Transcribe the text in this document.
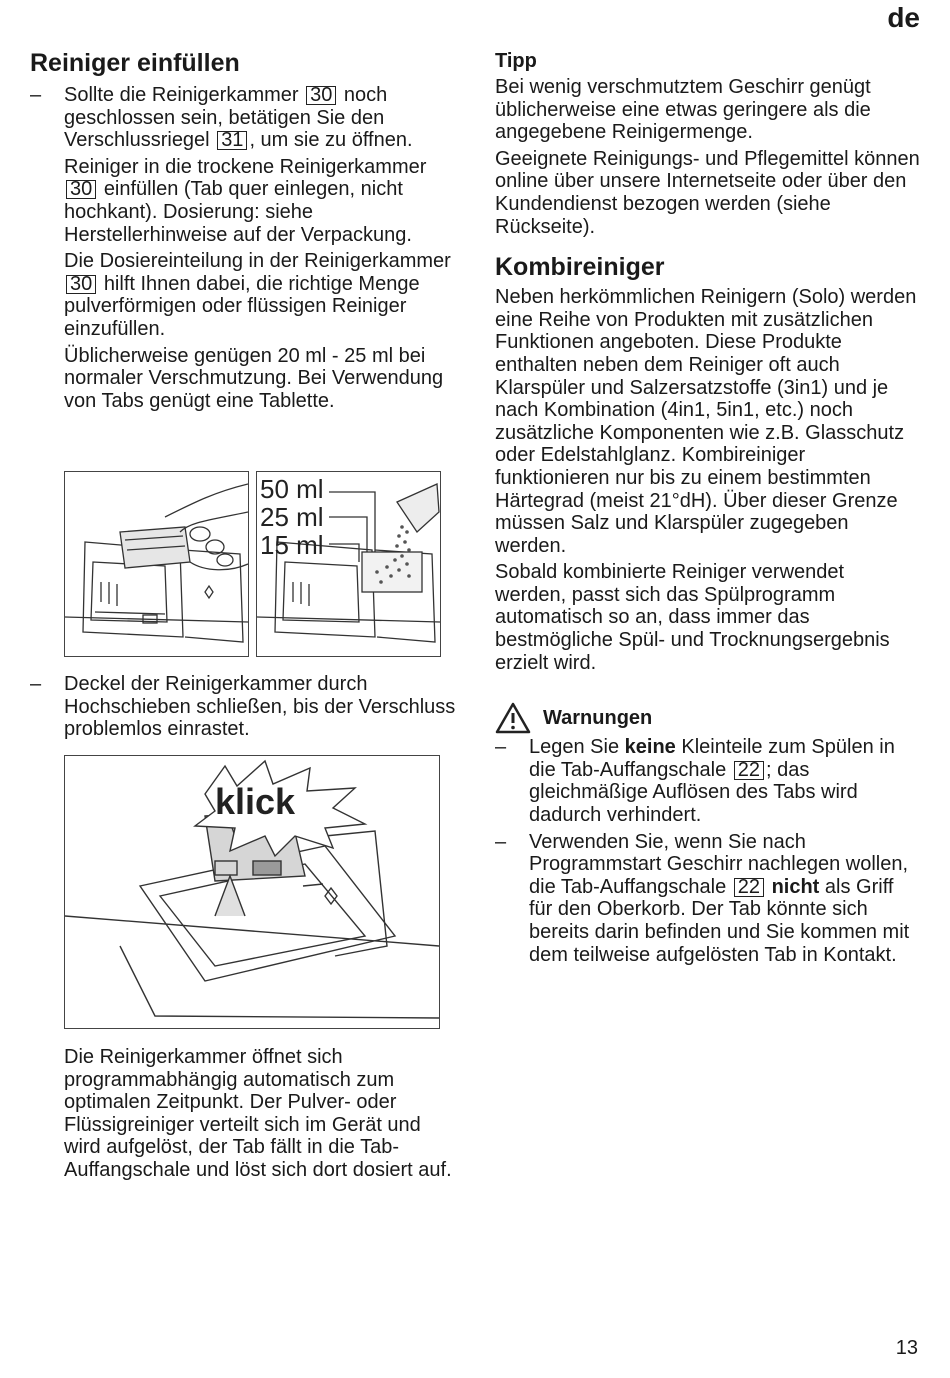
de
Reiniger einfüllen
– Sollte die Reinigerkammer 30 noch geschlossen sein, betätigen Sie den Verschlussriegel 31 , um sie zu öffnen.

Reiniger in die trockene Reinigerkammer 30 einfüllen (Tab quer einlegen, nicht hochkant). Dosierung: siehe Herstellerhinweise auf der Verpackung.

Die Dosiereinteilung in der Reinigerkammer 30 hilft Ihnen dabei, die richtige Menge pulverförmigen oder flüssigen Reiniger einzufüllen.

Üblicherweise genügen 20 ml - 25 ml bei normaler Verschmutzung. Bei Verwendung von Tabs genügt eine Tablette.

50 ml
25 ml
15 ml
– Deckel der Reinigerkammer durch Hochschieben schließen, bis der Verschluss problemlos einrastet.
klick

Die Reinigerkammer öffnet sich programmabhängig automatisch zum optimalen Zeitpunkt. Der Pulver- oder Flüssigreiniger verteilt sich im Gerät und wird aufgelöst, der Tab fällt in die Tab-Auffangschale und löst sich dort dosiert auf.

Tipp

Bei wenig verschmutztem Geschirr genügt üblicherweise eine etwas geringere als die angegebene Reinigermenge.

Geeignete Reinigungs- und Pflegemittel können online über unsere Internetseite oder über den Kundendienst bezogen werden (siehe Rückseite).

Kombireiniger

Neben herkömmlichen Reinigern (Solo) werden eine Reihe von Produkten mit zusätzlichen Funktionen angeboten. Diese Produkte enthalten neben dem Reiniger oft auch Klarspüler und Salzersatzstoffe (3in1) und je nach Kombination (4in1, 5in1, etc.) noch zusätzliche Komponenten wie z.B. Glasschutz oder Edelstahlglanz. Kombireiniger funktionieren nur bis zu einem bestimmten Härtegrad (meist 21°dH). Über dieser Grenze müssen Salz und Klarspüler zugegeben werden.

Sobald kombinierte Reiniger verwendet werden, passt sich das Spülprogramm automatisch so an, dass immer das bestmögliche Spül- und Trocknungsergebnis erzielt wird.

Warnungen
– Legen Sie keine Kleinteile zum Spülen in die Tab-Auffangschale 22 ; das gleichmäßige Auflösen des Tabs wird dadurch verhindert.
– Verwenden Sie, wenn Sie nach Programmstart Geschirr nachlegen wollen, die Tab-Auffangschale 22 nicht als Griff für den Oberkorb. Der Tab könnte sich bereits darin befinden und Sie kommen mit dem teilweise aufgelösten Tab in Kontakt.
13
